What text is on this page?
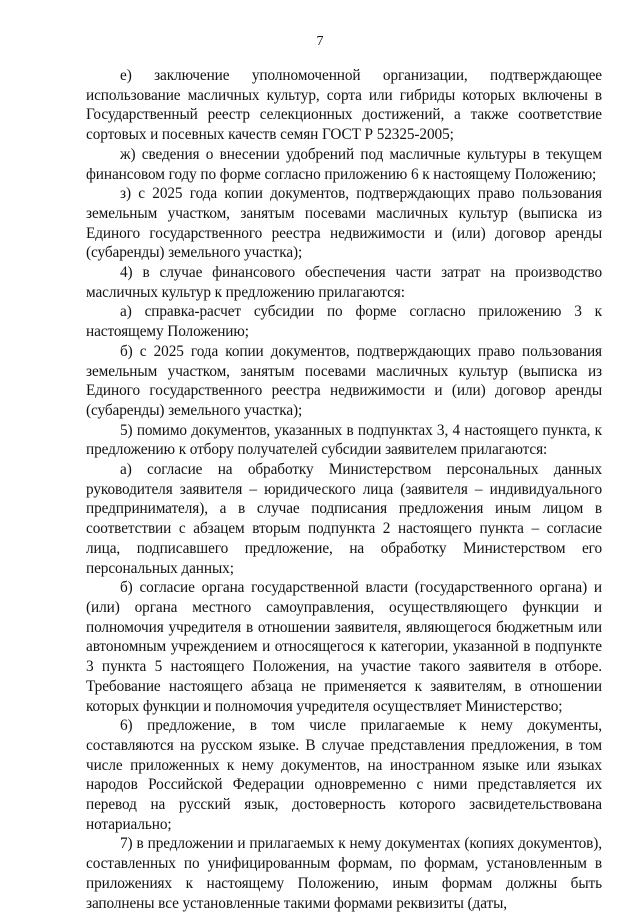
7

е) заключение уполномоченной организации, подтверждающее использование масличных культур, сорта или гибриды которых включены в Государственный реестр селекционных достижений, а также соответствие сортовых и посевных качеств семян ГОСТ Р 52325-2005;

ж) сведения о внесении удобрений под масличные культуры в текущем финансовом году по форме согласно приложению 6 к настоящему Положению;

з) с 2025 года копии документов, подтверждающих право пользования земельным участком, занятым посевами масличных культур (выписка из Единого государственного реестра недвижимости и (или) договор аренды (субаренды) земельного участка);

4) в случае финансового обеспечения части затрат на производство масличных культур к предложению прилагаются:

а) справка-расчет субсидии по форме согласно приложению 3 к настоящему Положению;

б) с 2025 года копии документов, подтверждающих право пользования земельным участком, занятым посевами масличных культур (выписка из Единого государственного реестра недвижимости и (или) договор аренды (субаренды) земельного участка);

5) помимо документов, указанных в подпунктах 3, 4 настоящего пункта, к предложению к отбору получателей субсидии заявителем прилагаются:

а) согласие на обработку Министерством персональных данных руководителя заявителя – юридического лица (заявителя – индивидуального предпринимателя), а в случае подписания предложения иным лицом в соответствии с абзацем вторым подпункта 2 настоящего пункта – согласие лица, подписавшего предложение, на обработку Министерством его персональных данных;

б) согласие органа государственной власти (государственного органа) и (или) органа местного самоуправления, осуществляющего функции и полномочия учредителя в отношении заявителя, являющегося бюджетным или автономным учреждением и относящегося к категории, указанной в подпункте 3 пункта 5 настоящего Положения, на участие такого заявителя в отборе. Требование настоящего абзаца не применяется к заявителям, в отношении которых функции и полномочия учредителя осуществляет Министерство;

6) предложение, в том числе прилагаемые к нему документы, составляются на русском языке. В случае представления предложения, в том числе приложенных к нему документов, на иностранном языке или языках народов Российской Федерации одновременно с ними представляется их перевод на русский язык, достоверность которого засвидетельствована нотариально;

7) в предложении и прилагаемых к нему документах (копиях документов), составленных по унифицированным формам, по формам, установленным в приложениях к настоящему Положению, иным формам должны быть заполнены все установленные такими формами реквизиты (даты,
